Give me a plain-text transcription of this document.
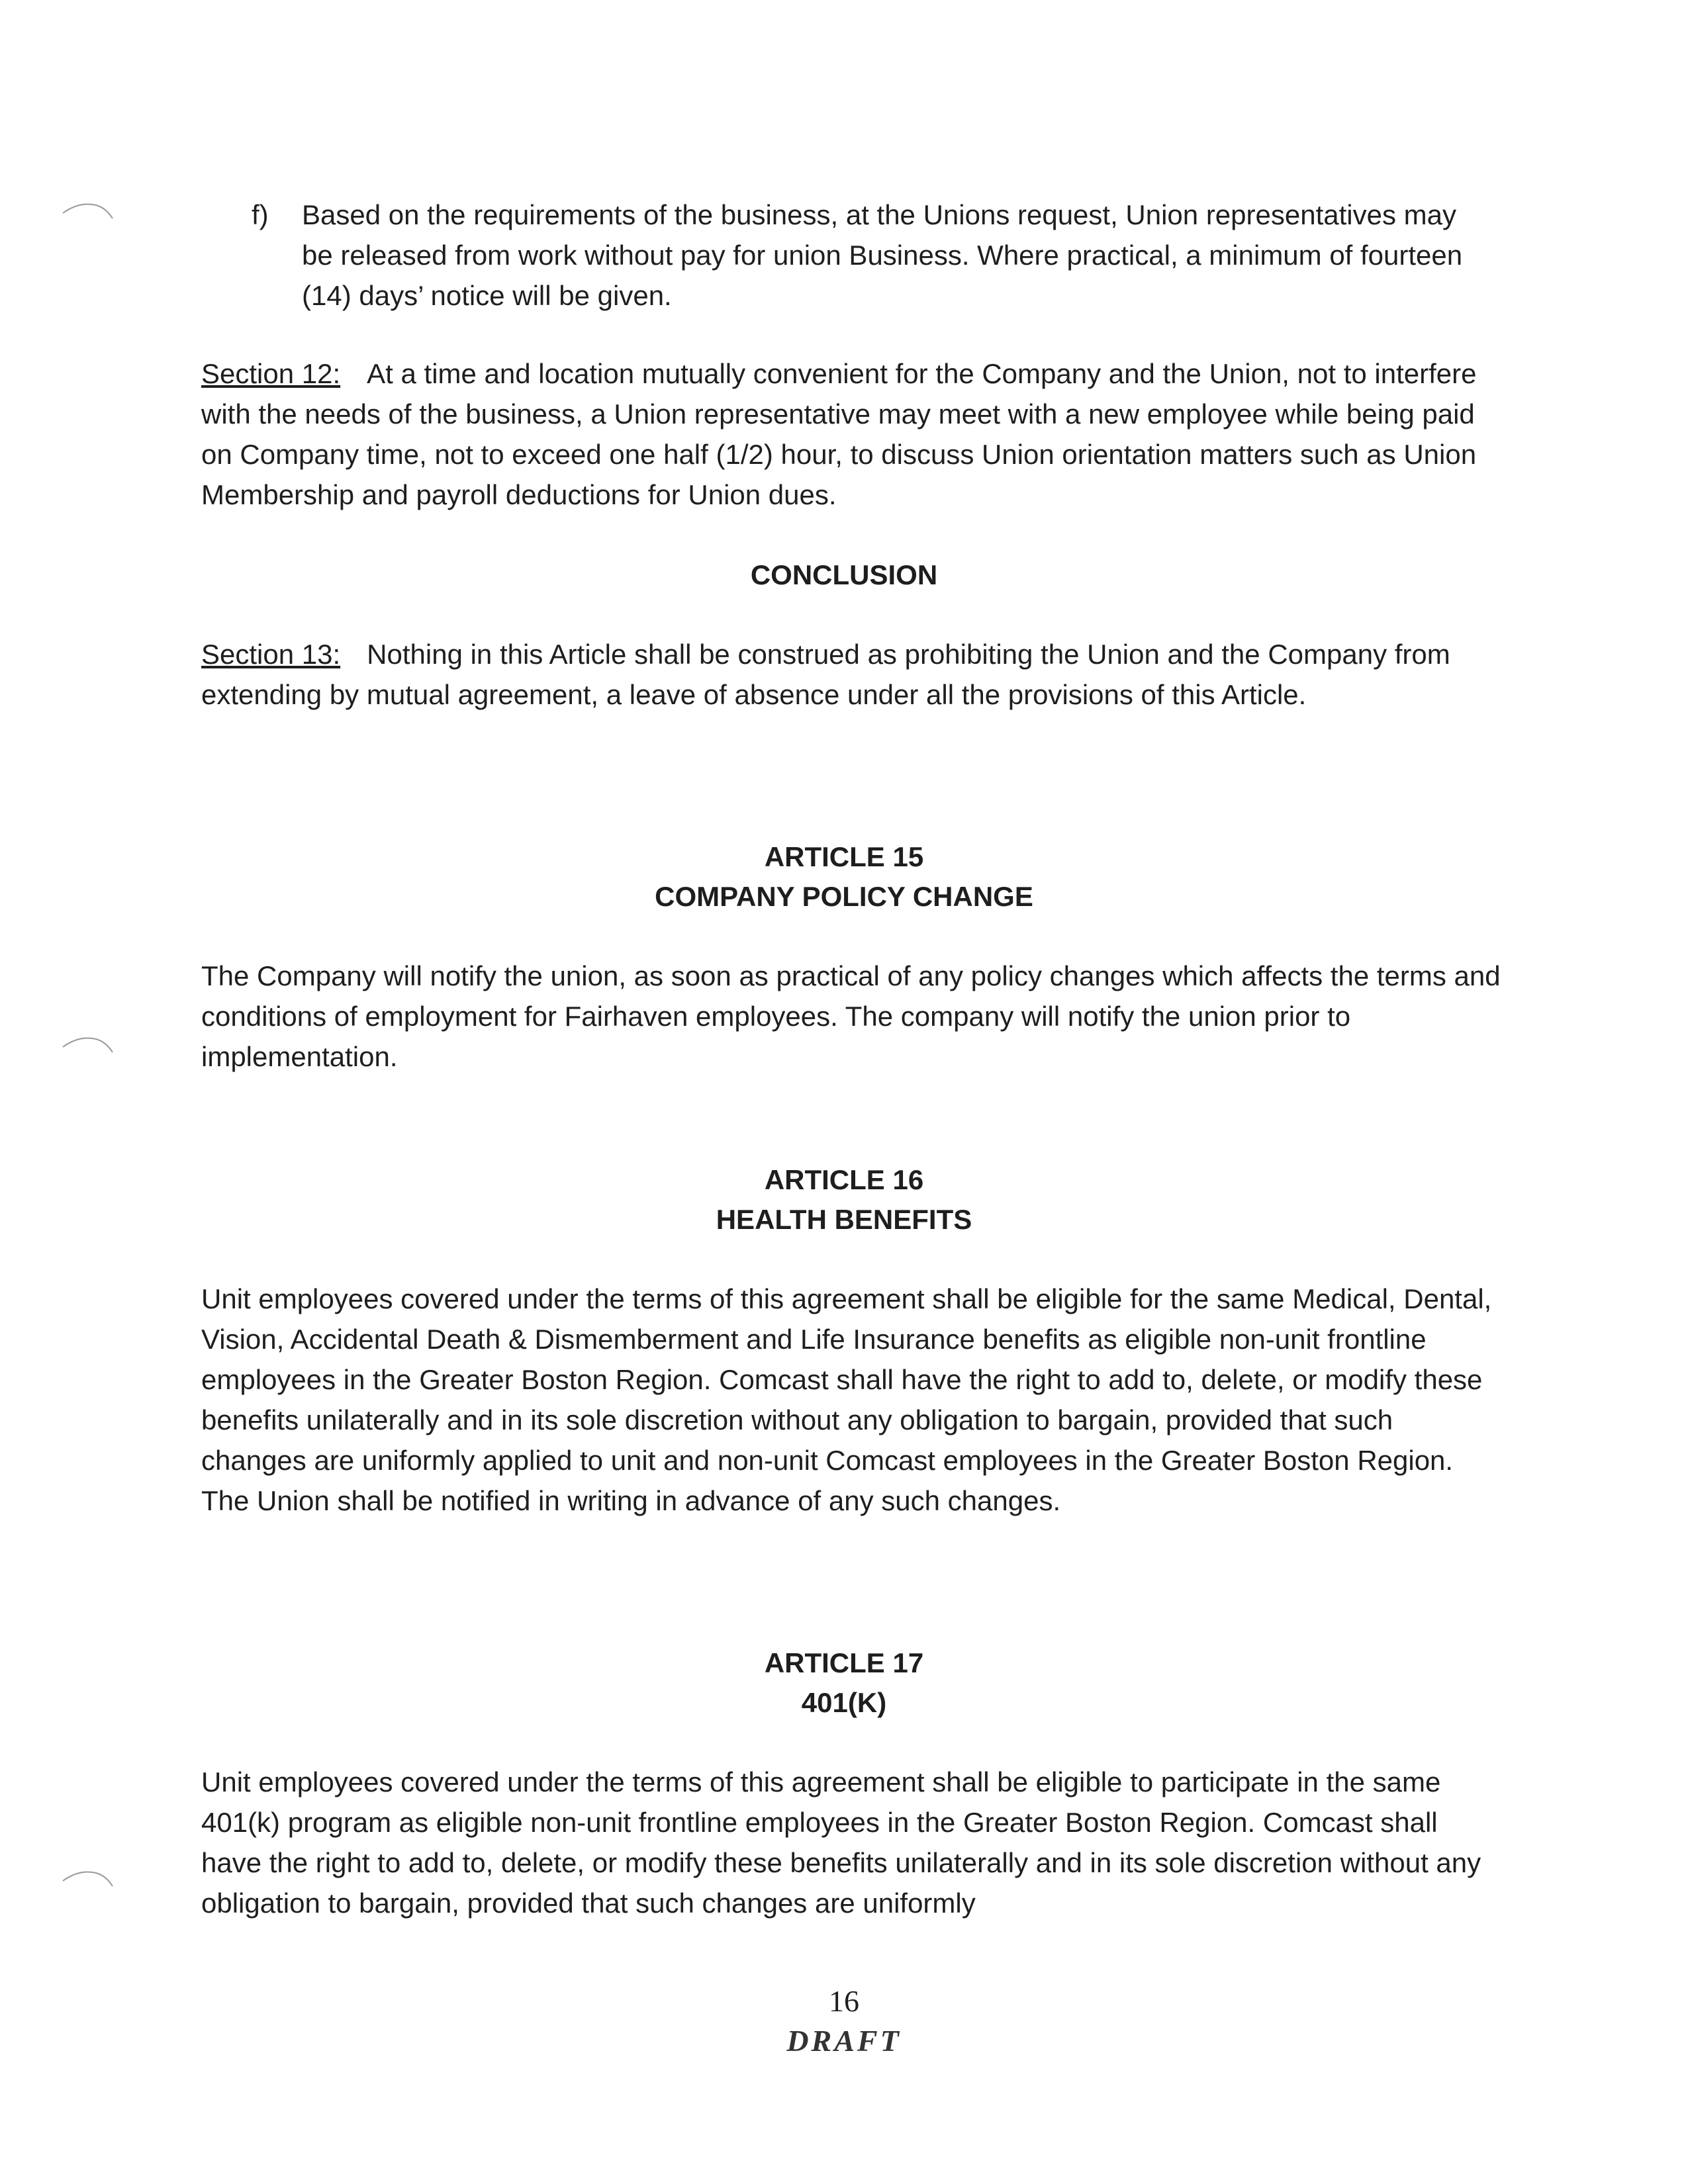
f) Based on the requirements of the business, at the Unions request, Union representatives may be released from work without pay for union Business. Where practical, a minimum of fourteen (14) days’ notice will be given.

Section 12: At a time and location mutually convenient for the Company and the Union, not to interfere with the needs of the business, a Union representative may meet with a new employee while being paid on Company time, not to exceed one half (1/2) hour, to discuss Union orientation matters such as Union Membership and payroll deductions for Union dues.

CONCLUSION

Section 13: Nothing in this Article shall be construed as prohibiting the Union and the Company from extending by mutual agreement, a leave of absence under all the provisions of this Article.

ARTICLE 15

COMPANY POLICY CHANGE

The Company will notify the union, as soon as practical of any policy changes which affects the terms and conditions of employment for Fairhaven employees. The company will notify the union prior to implementation.

ARTICLE 16

HEALTH BENEFITS

Unit employees covered under the terms of this agreement shall be eligible for the same Medical, Dental, Vision, Accidental Death & Dismemberment and Life Insurance benefits as eligible non-unit frontline employees in the Greater Boston Region. Comcast shall have the right to add to, delete, or modify these benefits unilaterally and in its sole discretion without any obligation to bargain, provided that such changes are uniformly applied to unit and non-unit Comcast employees in the Greater Boston Region. The Union shall be notified in writing in advance of any such changes.

ARTICLE 17

401(K)

Unit employees covered under the terms of this agreement shall be eligible to participate in the same 401(k) program as eligible non-unit frontline employees in the Greater Boston Region. Comcast shall have the right to add to, delete, or modify these benefits unilaterally and in its sole discretion without any obligation to bargain, provided that such changes are uniformly

16
DRAFT
